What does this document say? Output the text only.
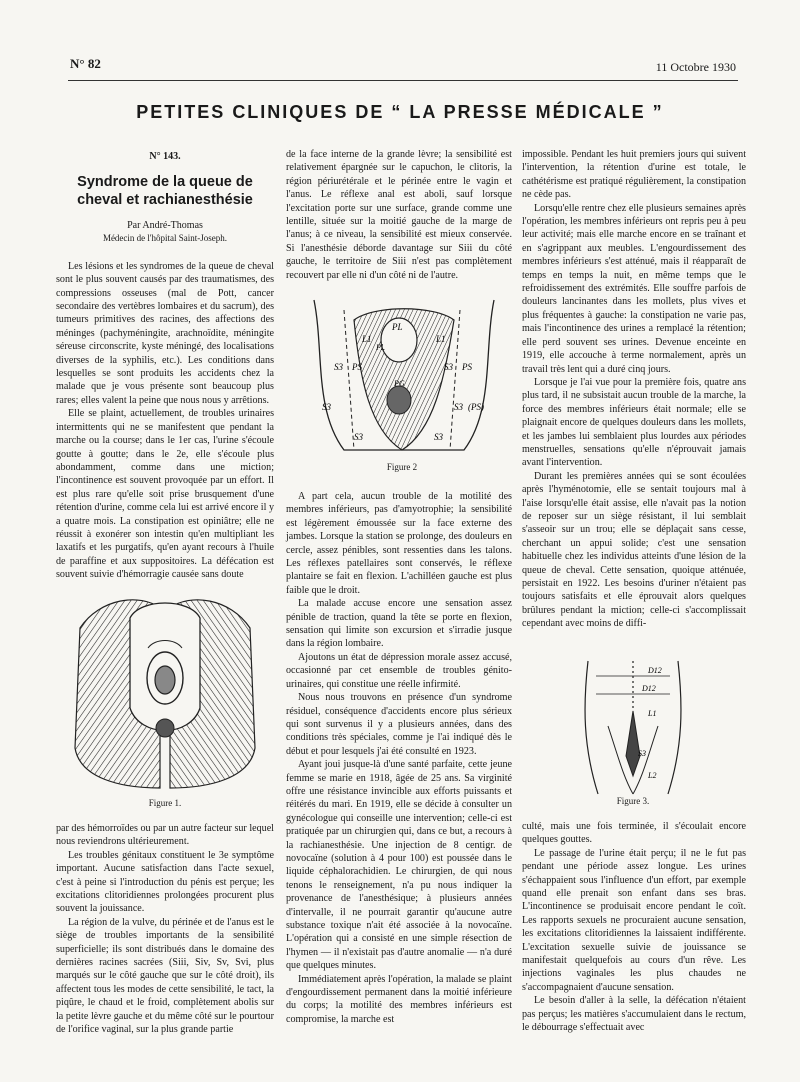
N° 82	11 Octobre 1930
PETITES CLINIQUES DE “ LA PRESSE MÉDICALE ”
N° 143.
Syndrome de la queue de cheval et rachianesthésie
Par André-Thomas
Médecin de l'hôpital Saint-Joseph.

Les lésions et les syndromes de la queue de cheval sont le plus souvent causés par des traumatismes, des compressions osseuses (mal de Pott, cancer secondaire des vertèbres lombaires et du sacrum), des tumeurs primitives des racines, des affections des méninges (pachyméningite, arachnoïdite, méningite séreuse circonscrite, kyste méningé, des localisations diverses de la syphilis, etc.). Les conditions dans lesquelles se sont produits les accidents chez la malade que je vous présente sont beaucoup plus rares; elles valent la peine que nous nous y arrêtions.

Elle se plaint, actuellement, de troubles urinaires intermittents qui ne se manifestent que pendant la marche ou la course; dans le 1er cas, l'urine s'écoule goutte à goutte; dans le 2e, elle s'écoule plus abondamment, comme dans une miction; l'incontinence est souvent provoquée par un effort. Il est plus rare qu'elle soit prise brusquement d'une rétention d'urine, comme cela lui est arrivé encore il y a quatre mois. La constipation est opiniâtre; elle ne réussit à exonérer son intestin qu'en multipliant les laxatifs et les purgatifs, qu'en ayant recours à l'huile de paraffine et aux suppositoires. La défécation est souvent suivie d'hémorragie causée sans doute

Figure 1.

par des hémorroïdes ou par un autre facteur sur lequel nous reviendrons ultérieurement.

Les troubles génitaux constituent le 3e symptôme important. Aucune satisfaction dans l'acte sexuel, c'est à peine si l'introduction du pénis est perçue; les excitations clitoridiennes prolongées procurent plus souvent la jouissance.

La région de la vulve, du périnée et de l'anus est le siège de troubles importants de la sensibilité superficielle; ils sont distribués dans le domaine des dernières racines sacrées (Siii, Siv, Sv, Svi, plus marqués sur le côté gauche que sur le côté droit), ils affectent tous les modes de cette sensibilité, le tact, la piqûre, le chaud et le froid, complètement abolis sur la petite lèvre gauche et du même côté sur le pourtour de l'orifice vaginal, sur la plus grande partie

de la face interne de la grande lèvre; la sensibilité est relativement épargnée sur le capuchon, le clitoris, la région périurétérale et le périnée entre le vagin et l'anus. Le réflexe anal est aboli, sauf lorsque l'excitation porte sur une surface, grande comme une lentille, située sur la moitié gauche de la marge de l'anus; à ce niveau, la sensibilité est mieux conservée. Si l'anesthésie déborde davantage sur Siii du côté gauche, le territoire de Siii n'est pas complètement recouvert par elle ni d'un côté ni de l'autre.

PL
Pl.
L1	L1
S3 PS	S3 PS
PG
S3	S3 (PS)
S3	S3
Figure 2

A part cela, aucun trouble de la motilité des membres inférieurs, pas d'amyotrophie; la sensibilité est légèrement émoussée sur la face externe des jambes. Lorsque la station se prolonge, des douleurs en cercle, assez pénibles, sont ressenties dans les talons. Les réflexes patellaires sont conservés, le réflexe plantaire se fait en flexion. L'achilléen gauche est plus faible que le droit.

La malade accuse encore une sensation assez pénible de traction, quand la tête se porte en flexion, sensation qui limite son excursion et s'irradie jusque dans la région lombaire.

Ajoutons un état de dépression morale assez accusé, occasionné par cet ensemble de troubles génito-urinaires, qui constitue une réelle infirmité.

Nous nous trouvons en présence d'un syndrome résiduel, conséquence d'accidents encore plus sérieux qui sont survenus il y a plusieurs années, dans des conditions très spéciales, comme je l'ai indiqué dès le début et pour lesquels j'ai été consulté en 1923.

Ayant joui jusque-là d'une santé parfaite, cette jeune femme se marie en 1918, âgée de 25 ans. Sa virginité offre une résistance invincible aux efforts puissants et réitérés du mari. En 1919, elle se décide à consulter un gynécologue qui conseille une intervention; celle-ci est pratiquée par un chirurgien qui, dans ce but, a recours à la rachianesthésie. Une injection de 8 centigr. de novocaïne (solution à 4 pour 100) est poussée dans le liquide céphalorachidien. Le chirurgien, de qui nous tenons le renseignement, n'a pu nous indiquer la provenance de l'anesthésique; à plusieurs années d'intervalle, il ne pourrait garantir qu'aucune autre substance toxique n'ait été associée à la novocaïne. L'opération qui a consisté en une simple résection de l'hymen — il n'existait pas d'autre anomalie — n'a duré que quelques minutes.

Immédiatement après l'opération, la malade se plaint d'engourdissement permanent dans la moitié inférieure du corps; la motilité des membres inférieurs est compromise, la marche est

impossible. Pendant les huit premiers jours qui suivent l'intervention, la rétention d'urine est totale, le cathétérisme est pratiqué régulièrement, la constipation ne cède pas.

Lorsqu'elle rentre chez elle plusieurs semaines après l'opération, les membres inférieurs ont repris peu à peu leur activité; mais elle marche encore en se traînant et en s'agrippant aux meubles. L'engourdissement des membres inférieurs s'est atténué, mais il réapparaît de temps en temps la nuit, en même temps que le refroidissement des extrémités. Elle souffre parfois de douleurs lancinantes dans les mollets, plus vives et plus fréquentes à gauche: la constipation ne varie pas, mais l'incontinence des urines a remplacé la rétention; elle perd souvent ses urines. Devenue enceinte en 1919, elle accouche à terme normalement, après un travail très lent qui a duré cinq jours.

Lorsque je l'ai vue pour la première fois, quatre ans plus tard, il ne subsistait aucun trouble de la marche, la force des membres inférieurs était normale; elle se plaignait encore de quelques douleurs dans les mollets, et les jambes lui semblaient plus lourdes aux périodes menstruelles, sensations qu'elle n'éprouvait jamais avant l'intervention.

Durant les premières années qui se sont écoulées après l'hyménotomie, elle se sentait toujours mal à l'aise lorsqu'elle était assise, elle n'avait pas la notion de reposer sur un siège résistant, il lui semblait s'asseoir sur un trou; elle se déplaçait sans cesse, cherchant un appui solide; c'est une sensation habituelle chez les individus atteints d'une lésion de la queue de cheval. Cette sensation, quoique atténuée, persistait en 1922. Les besoins d'uriner n'étaient pas toujours satisfaits et elle éprouvait alors quelques brûlures pendant la miction; celle-ci s'accomplissait cependant avec moins de diffi-

D12
D12
L1
S3
L2
Figure 3.

culté, mais une fois terminée, il s'écoulait encore quelques gouttes.

Le passage de l'urine était perçu; il ne le fut pas pendant une période assez longue. Les urines s'échappaient sous l'influence d'un effort, par exemple quand elle prenait son enfant dans ses bras. L'incontinence se produisait encore pendant le coït. Les rapports sexuels ne procuraient aucune sensation, les excitations clitoridiennes la laissaient indifférente. L'excitation sexuelle suivie de jouissance se manifestait quelquefois au cours d'un rêve. Les injections vaginales les plus chaudes ne s'accompagnaient d'aucune sensation.

Le besoin d'aller à la selle, la défécation n'étaient pas perçus; les matières s'accumulaient dans le rectum, le débourrage s'effectuait avec
